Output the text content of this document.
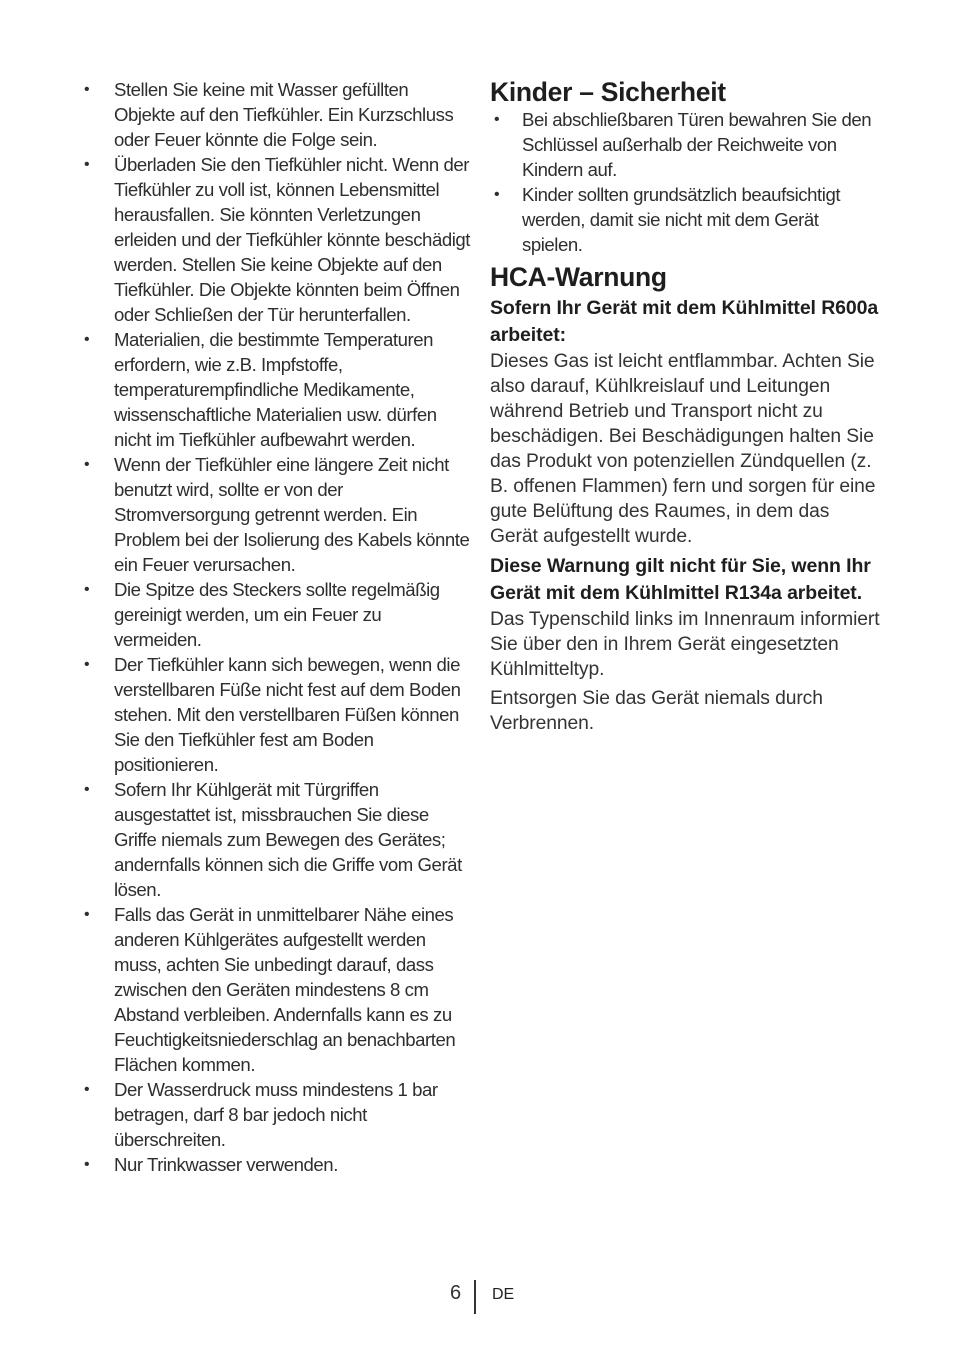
• Stellen Sie keine mit Wasser gefüllten Objekte auf den Tiefkühler. Ein Kurzschluss oder Feuer könnte die Folge sein.
• Überladen Sie den Tiefkühler nicht. Wenn der Tiefkühler zu voll ist, können Lebensmittel herausfallen. Sie könnten Verletzungen erleiden und der Tiefkühler könnte beschädigt werden. Stellen Sie keine Objekte auf den Tiefkühler. Die Objekte könnten beim Öffnen oder Schließen der Tür herunterfallen.
• Materialien, die bestimmte Temperaturen erfordern, wie z.B. Impfstoffe, temperaturempfindliche Medikamente, wissenschaftliche Materialien usw. dürfen nicht im Tiefkühler aufbewahrt werden.
• Wenn der Tiefkühler eine längere Zeit nicht benutzt wird, sollte er von der Stromversorgung getrennt werden. Ein Problem bei der Isolierung des Kabels könnte ein Feuer verursachen.
• Die Spitze des Steckers sollte regelmäßig gereinigt werden, um ein Feuer zu vermeiden.
• Der Tiefkühler kann sich bewegen, wenn die verstellbaren Füße nicht fest auf dem Boden stehen. Mit den verstellbaren Füßen können Sie den Tiefkühler fest am Boden positionieren.
• Sofern Ihr Kühlgerät mit Türgriffen ausgestattet ist, missbrauchen Sie diese Griffe niemals zum Bewegen des Gerätes; andernfalls können sich die Griffe vom Gerät lösen.
• Falls das Gerät in unmittelbarer Nähe eines anderen Kühlgerätes aufgestellt werden muss, achten Sie unbedingt darauf, dass zwischen den Geräten mindestens 8 cm Abstand verbleiben. Andernfalls kann es zu Feuchtigkeitsniederschlag an benachbarten Flächen kommen.
• Der Wasserdruck muss mindestens 1 bar betragen, darf 8 bar jedoch nicht überschreiten.
• Nur Trinkwasser verwenden.
Kinder – Sicherheit
• Bei abschließbaren Türen bewahren Sie den Schlüssel außerhalb der Reichweite von Kindern auf.
• Kinder sollten grundsätzlich beaufsichtigt werden, damit sie nicht mit dem Gerät spielen.
HCA-Warnung

Sofern Ihr Gerät mit dem Kühlmittel R600a arbeitet:

Dieses Gas ist leicht entflammbar. Achten Sie also darauf, Kühlkreislauf und Leitungen während Betrieb und Transport nicht zu beschädigen. Bei Beschädigungen halten Sie das Produkt von potenziellen Zündquellen (z. B. offenen Flammen) fern und sorgen für eine gute Belüftung des Raumes, in dem das Gerät aufgestellt wurde.

Diese Warnung gilt nicht für Sie, wenn Ihr Gerät mit dem Kühlmittel R134a arbeitet.

Das Typenschild links im Innenraum informiert Sie über den in Ihrem Gerät eingesetzten Kühlmitteltyp.

Entsorgen Sie das Gerät niemals durch Verbrennen.

6 DE
